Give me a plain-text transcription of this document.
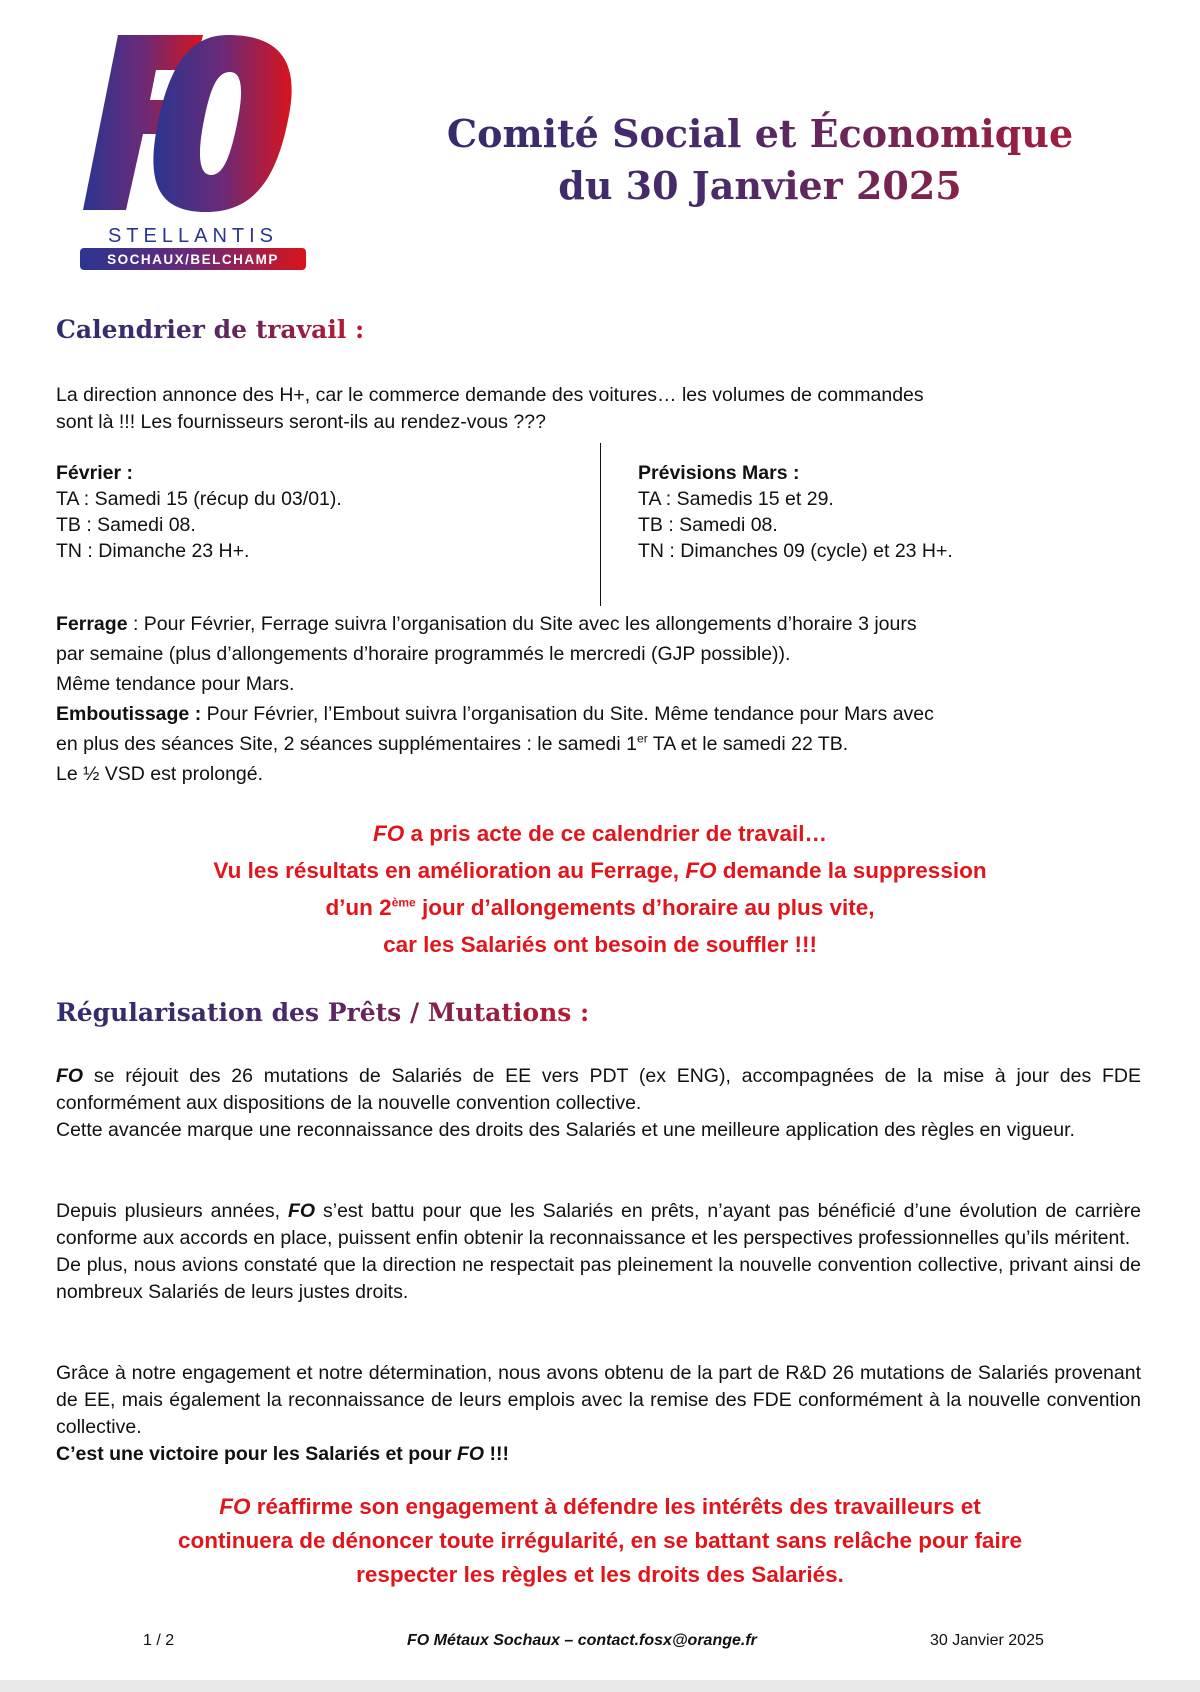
STELLANTIS
SOCHAUX/BELCHAMP
Comité Social et Économique
du 30 Janvier 2025
Calendrier de travail :

La direction annonce des H+, car le commerce demande des voitures… les volumes de commandes
sont là !!! Les fournisseurs seront-ils au rendez-vous ???

Février :
TA : Samedi 15 (récup du 03/01).
TB : Samedi 08.
TN : Dimanche 23 H+.
Prévisions Mars :
TA : Samedis 15 et 29.
TB : Samedi 08.
TN : Dimanches 09 (cycle) et 23 H+.

Ferrage : Pour Février, Ferrage suivra l’organisation du Site avec les allongements d’horaire 3 jours
par semaine (plus d’allongements d’horaire programmés le mercredi (GJP possible)).
Même tendance pour Mars.
Emboutissage : Pour Février, l’Embout suivra l’organisation du Site. Même tendance pour Mars avec
en plus des séances Site, 2 séances supplémentaires : le samedi 1er TA et le samedi 22 TB.
Le ½ VSD est prolongé.

FO a pris acte de ce calendrier de travail…
Vu les résultats en amélioration au Ferrage, FO demande la suppression
d’un 2ème jour d’allongements d’horaire au plus vite,
car les Salariés ont besoin de souffler !!!

Régularisation des Prêts / Mutations :

FO se réjouit des 26 mutations de Salariés de EE vers PDT (ex ENG), accompagnées de la mise à jour des FDE conformément aux dispositions de la nouvelle convention collective.
Cette avancée marque une reconnaissance des droits des Salariés et une meilleure application des règles en vigueur.

Depuis plusieurs années, FO s’est battu pour que les Salariés en prêts, n’ayant pas bénéficié d’une évolution de carrière conforme aux accords en place, puissent enfin obtenir la reconnaissance et les perspectives professionnelles qu’ils méritent.
De plus, nous avions constaté que la direction ne respectait pas pleinement la nouvelle convention collective, privant ainsi de nombreux Salariés de leurs justes droits.

Grâce à notre engagement et notre détermination, nous avons obtenu de la part de R&D 26 mutations de Salariés provenant de EE, mais également la reconnaissance de leurs emplois avec la remise des FDE conformément à la nouvelle convention collective.
C’est une victoire pour les Salariés et pour FO !!!

FO réaffirme son engagement à défendre les intérêts des travailleurs et
continuera de dénoncer toute irrégularité, en se battant sans relâche pour faire
respecter les règles et les droits des Salariés.

1 / 2	FO Métaux Sochaux – contact.fosx@orange.fr	30 Janvier 2025
